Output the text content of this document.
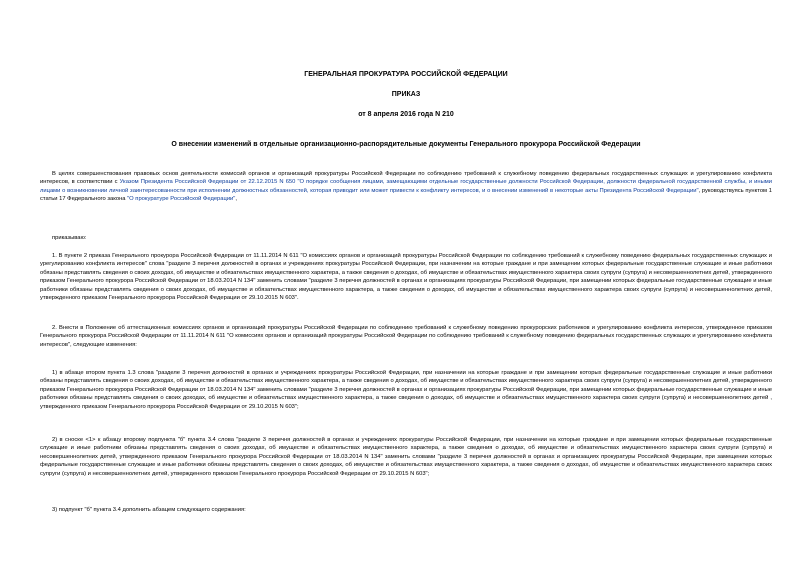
ГЕНЕРАЛЬНАЯ ПРОКУРАТУРА РОССИЙСКОЙ ФЕДЕРАЦИИ
ПРИКАЗ
от 8 апреля 2016 года N 210
О внесении изменений в отдельные организационно-распорядительные документы Генерального прокурора Российской Федерации

В целях совершенствования правовых основ деятельности комиссий органов и организаций прокуратуры Российской Федерации по соблюдению требований к служебному поведению федеральных государственных служащих и урегулированию конфликта интересов, в соответствии с Указом Президента Российской Федерации от 22.12.2015 N 650 "О порядке сообщения лицами, замещающими отдельные государственные должности Российской Федерации, должности федеральной государственной службы, и иными лицами о возникновении личной заинтересованности при исполнении должностных обязанностей, которая приводит или может привести к конфликту интересов, и о внесении изменений в некоторые акты Президента Российской Федерации", руководствуясь пунктом 1 статьи 17 Федерального закона "О прокуратуре Российской Федерации",

приказываю:

1. В пункте 2 приказа Генерального прокурора Российской Федерации от 11.11.2014 N 611 "О комиссиях органов и организаций прокуратуры Российской Федерации по соблюдению требований к служебному поведению федеральных государственных служащих и урегулированию конфликта интересов" слова "разделе 3 перечня должностей в органах и учреждениях прокуратуры Российской Федерации, при назначении на которые граждане и при замещении которых федеральные государственные служащие и иные работники обязаны представлять сведения о своих доходах, об имуществе и обязательствах имущественного характера, а также сведения о доходах, об имуществе и обязательствах имущественного характера своих супруги (супруга) и несовершеннолетних детей, утвержденного приказом Генерального прокурора Российской Федерации от 18.03.2014 N 134" заменить словами "разделе 3 перечня должностей в органах и организациях прокуратуры Российской Федерации, при замещении которых федеральные государственные служащие и иные работники обязаны представлять сведения о своих доходах, об имуществе и обязательствах имущественного характера, а также сведения о доходах, об имуществе и обязательствах имущественного характера своих супруги (супруга) и несовершеннолетних детей, утвержденного приказом Генерального прокурора Российской Федерации от 29.10.2015 N 603".

2. Внести в Положение об аттестационных комиссиях органов и организаций прокуратуры Российской Федерации по соблюдению требований к служебному поведению прокурорских работников и урегулированию конфликта интересов, утвержденное приказом Генерального прокурора Российской Федерации от 11.11.2014 N 611 "О комиссиях органов и организаций прокуратуры Российской Федерации по соблюдению требований к служебному поведению федеральных государственных служащих и урегулированию конфликта интересов", следующие изменения:

1) в абзаце втором пункта 1.3 слова "разделе 3 перечня должностей в органах и учреждениях прокуратуры Российской Федерации, при назначении на которые граждане и при замещении которых федеральные государственные служащие и иные работники обязаны представлять сведения о своих доходах, об имуществе и обязательствах имущественного характера, а также сведения о доходах, об имуществе и обязательствах имущественного характера своих супруги (супруга) и несовершеннолетних детей, утвержденного приказом Генерального прокурора Российской Федерации от 18.03.2014 N 134" заменить словами "разделе 3 перечня должностей в органах и организациях прокуратуры Российской Федерации, при замещении которых федеральные государственные служащие и иные работники обязаны представлять сведения о своих доходах, об имуществе и обязательствах имущественного характера, а также сведения о доходах, об имуществе и обязательствах имущественного характера своих супруги (супруга) и несовершеннолетних детей , утвержденного приказом Генерального прокурора Российской Федерации от 29.10.2015 N 603";

2) в сноске <1> к абзацу второму подпункта "б" пункта 3.4 слова "разделе 3 перечня должностей в органах и учреждениях прокуратуры Российской Федерации, при назначении на которые граждане и при замещении которых федеральные государственные служащие и иные работники обязаны представлять сведения о своих доходах, об имуществе и обязательствах имущественного характера, а также сведения о доходах, об имуществе и обязательствах имущественного характера своих супруги (супруга) и несовершеннолетних детей, утвержденного приказом Генерального прокурора Российской Федерации от 18.03.2014 N 134" заменить словами "разделе 3 перечня должностей в органах и организациях прокуратуры Российской Федерации, при замещении которых федеральные государственные служащие и иные работники обязаны представлять сведения о своих доходах, об имуществе и обязательствах имущественного характера, а также сведения о доходах, об имуществе и обязательствах имущественного характера своих супруги (супруга) и несовершеннолетних детей, утвержденного приказом Генерального прокурора Российской Федерации от 29.10.2015 N 603";

3) подпункт "б" пункта 3.4 дополнить абзацем следующего содержания:
